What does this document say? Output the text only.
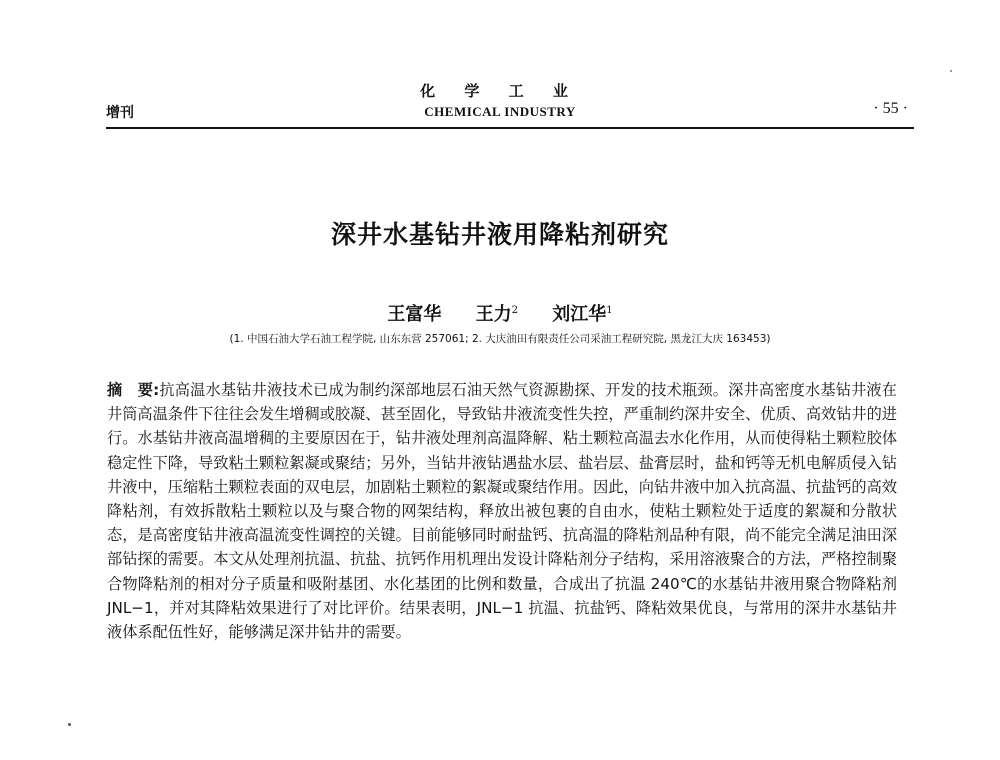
化 学 工 业
增刊	CHEMICAL INDUSTRY	· 55 ·
深井水基钻井液用降粘剂研究
王富华 王力$^2$ 刘江华$^1$
(1. 中国石油大学石油工程学院, 山东东营 257061; 2. 大庆油田有限责任公司采油工程研究院, 黑龙江大庆 163453)
摘　要:抗高温水基钻井液技术已成为制约深部地层石油天然气资源勘探、开发的技术瓶颈。深井高密度水基钻井液在井筒高温条件下往往会发生增稠或胶凝、甚至固化，导致钻井液流变性失控，严重制约深井安全、优质、高效钻井的进行。水基钻井液高温增稠的主要原因在于，钻井液处理剂高温降解、粘土颗粒高温去水化作用，从而使得粘土颗粒胶体稳定性下降，导致粘土颗粒絮凝或聚结；另外，当钻井液钻遇盐水层、盐岩层、盐膏层时，盐和钙等无机电解质侵入钻井液中，压缩粘土颗粒表面的双电层，加剧粘土颗粒的絮凝或聚结作用。因此，向钻井液中加入抗高温、抗盐钙的高效降粘剂，有效拆散粘土颗粒以及与聚合物的网架结构，释放出被包裹的自由水，使粘土颗粒处于适度的絮凝和分散状态，是高密度钻井液高温流变性调控的关键。目前能够同时耐盐钙、抗高温的降粘剂品种有限，尚不能完全满足油田深部钻探的需要。本文从处理剂抗温、抗盐、抗钙作用机理出发设计降粘剂分子结构，采用溶液聚合的方法，严格控制聚合物降粘剂的相对分子质量和吸附基团、水化基团的比例和数量，合成出了抗温 240℃的水基钻井液用聚合物降粘剂 JNL−1，并对其降粘效果进行了对比评价。结果表明，JNL−1 抗温、抗盐钙、降粘效果优良，与常用的深井水基钻井液体系配伍性好，能够满足深井钻井的需要。
